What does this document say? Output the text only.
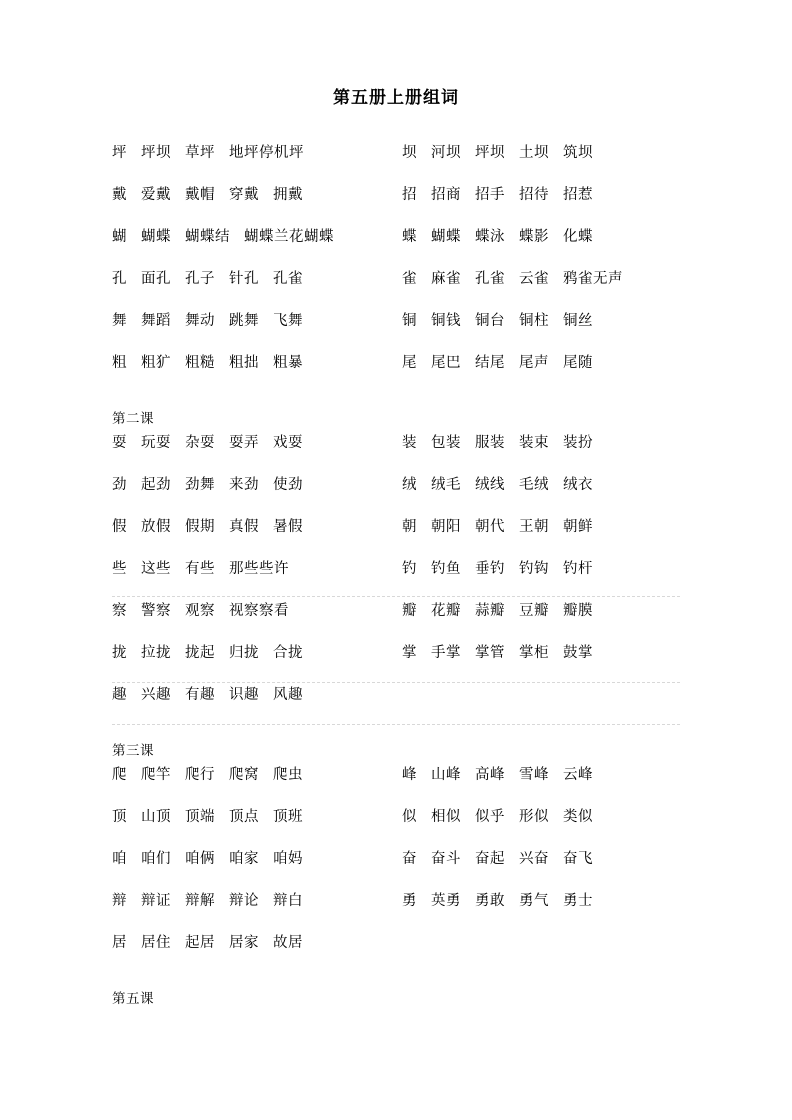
第五册上册组词
坪 坪坝 草坪 地坪停机坪	坝 河坝 坪坝 土坝 筑坝
戴 爱戴 戴帽 穿戴 拥戴	招 招商 招手 招待 招惹
蝴 蝴蝶 蝴蝶结 蝴蝶兰花蝴蝶	蝶 蝴蝶 蝶泳 蝶影 化蝶
孔 面孔 孔子 针孔 孔雀	雀 麻雀 孔雀 云雀 鸦雀无声
舞 舞蹈 舞动 跳舞 飞舞	铜 铜钱 铜台 铜柱 铜丝
粗 粗犷 粗糙 粗拙 粗暴	尾 尾巴 结尾 尾声 尾随
第二课
耍 玩耍 杂耍 耍弄 戏耍	装 包装 服装 装束 装扮
劲 起劲 劲舞 来劲 使劲	绒 绒毛 绒线 毛绒 绒衣
假 放假 假期 真假 暑假	朝 朝阳 朝代 王朝 朝鲜
些 这些 有些 那些些许	钓 钓鱼 垂钓 钓钩 钓杆
察 警察 观察 视察察看	瓣 花瓣 蒜瓣 豆瓣 瓣膜
拢 拉拢 拢起 归拢 合拢	掌 手掌 掌管 掌柜 鼓掌
趣 兴趣 有趣 识趣 风趣
第三课
爬 爬竿 爬行 爬窝 爬虫	峰 山峰 高峰 雪峰 云峰
顶 山顶 顶端 顶点 顶班	似 相似 似乎 形似 类似
咱 咱们 咱俩 咱家 咱妈	奋 奋斗 奋起 兴奋 奋飞
辩 辩证 辩解 辩论 辩白	勇 英勇 勇敢 勇气 勇士
居 居住 起居 居家 故居
第五课
